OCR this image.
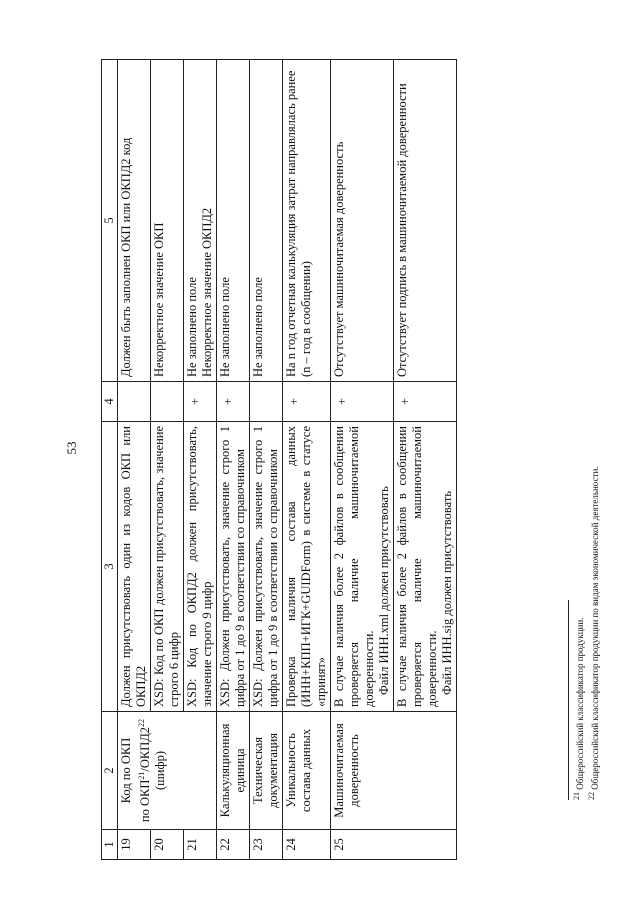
53
1	2	3	4	5
19	Код по ОКП по $ОКП^{21}/ОКПД2^{22}$ (шифр)	Должен присутствовать один из кодов ОКП или ОКПД2		Должен быть заполнен ОКП или ОКПД2 код
20		XSD: Код по ОКП должен присутствовать, значение строго 6 цифр		Некорректное значение ОКП
21		XSD: Код по ОКПД2 должен присутствовать, значение строго 9 цифр	+	Не заполнено поле
Некорректное значение ОКПД2
22	Калькуляционная единица	XSD: Должен присутствовать, значение строго 1 цифра от 1 до 9 в соответствии со справочником	+	Не заполнено поле
23	Техническая документация	XSD: Должен присутствовать, значение строго 1 цифра от 1 до 9 в соответствии со справочником		Не заполнено поле
24	Уникальность состава данных	Проверка наличия состава данных (ИНН+КПП+ИГК+GUIDForm) в системе в статусе «принят»	+	На n год отчетная калькуляция затрат направлялась ранее (n – год в сообщении)
25	Машиночитаемая доверенность	В случае наличия более 2 файлов в сообщении проверяется наличие машиночитаемой доверенности. Файл ИНН.xml должен присутствовать	+	Отсутствует машиночитаемая доверенность

		В случае наличия более 2 файлов в сообщении проверяется наличие машиночитаемой доверенности. Файл ИНН.sig должен присутствовать	+	Отсутствует подпись в машиночитаемой доверенности
$^{21}$ Общероссийский классификатор продукции.
$^{22}$ Общероссийский классификатор продукции по видам экономической деятельности.
